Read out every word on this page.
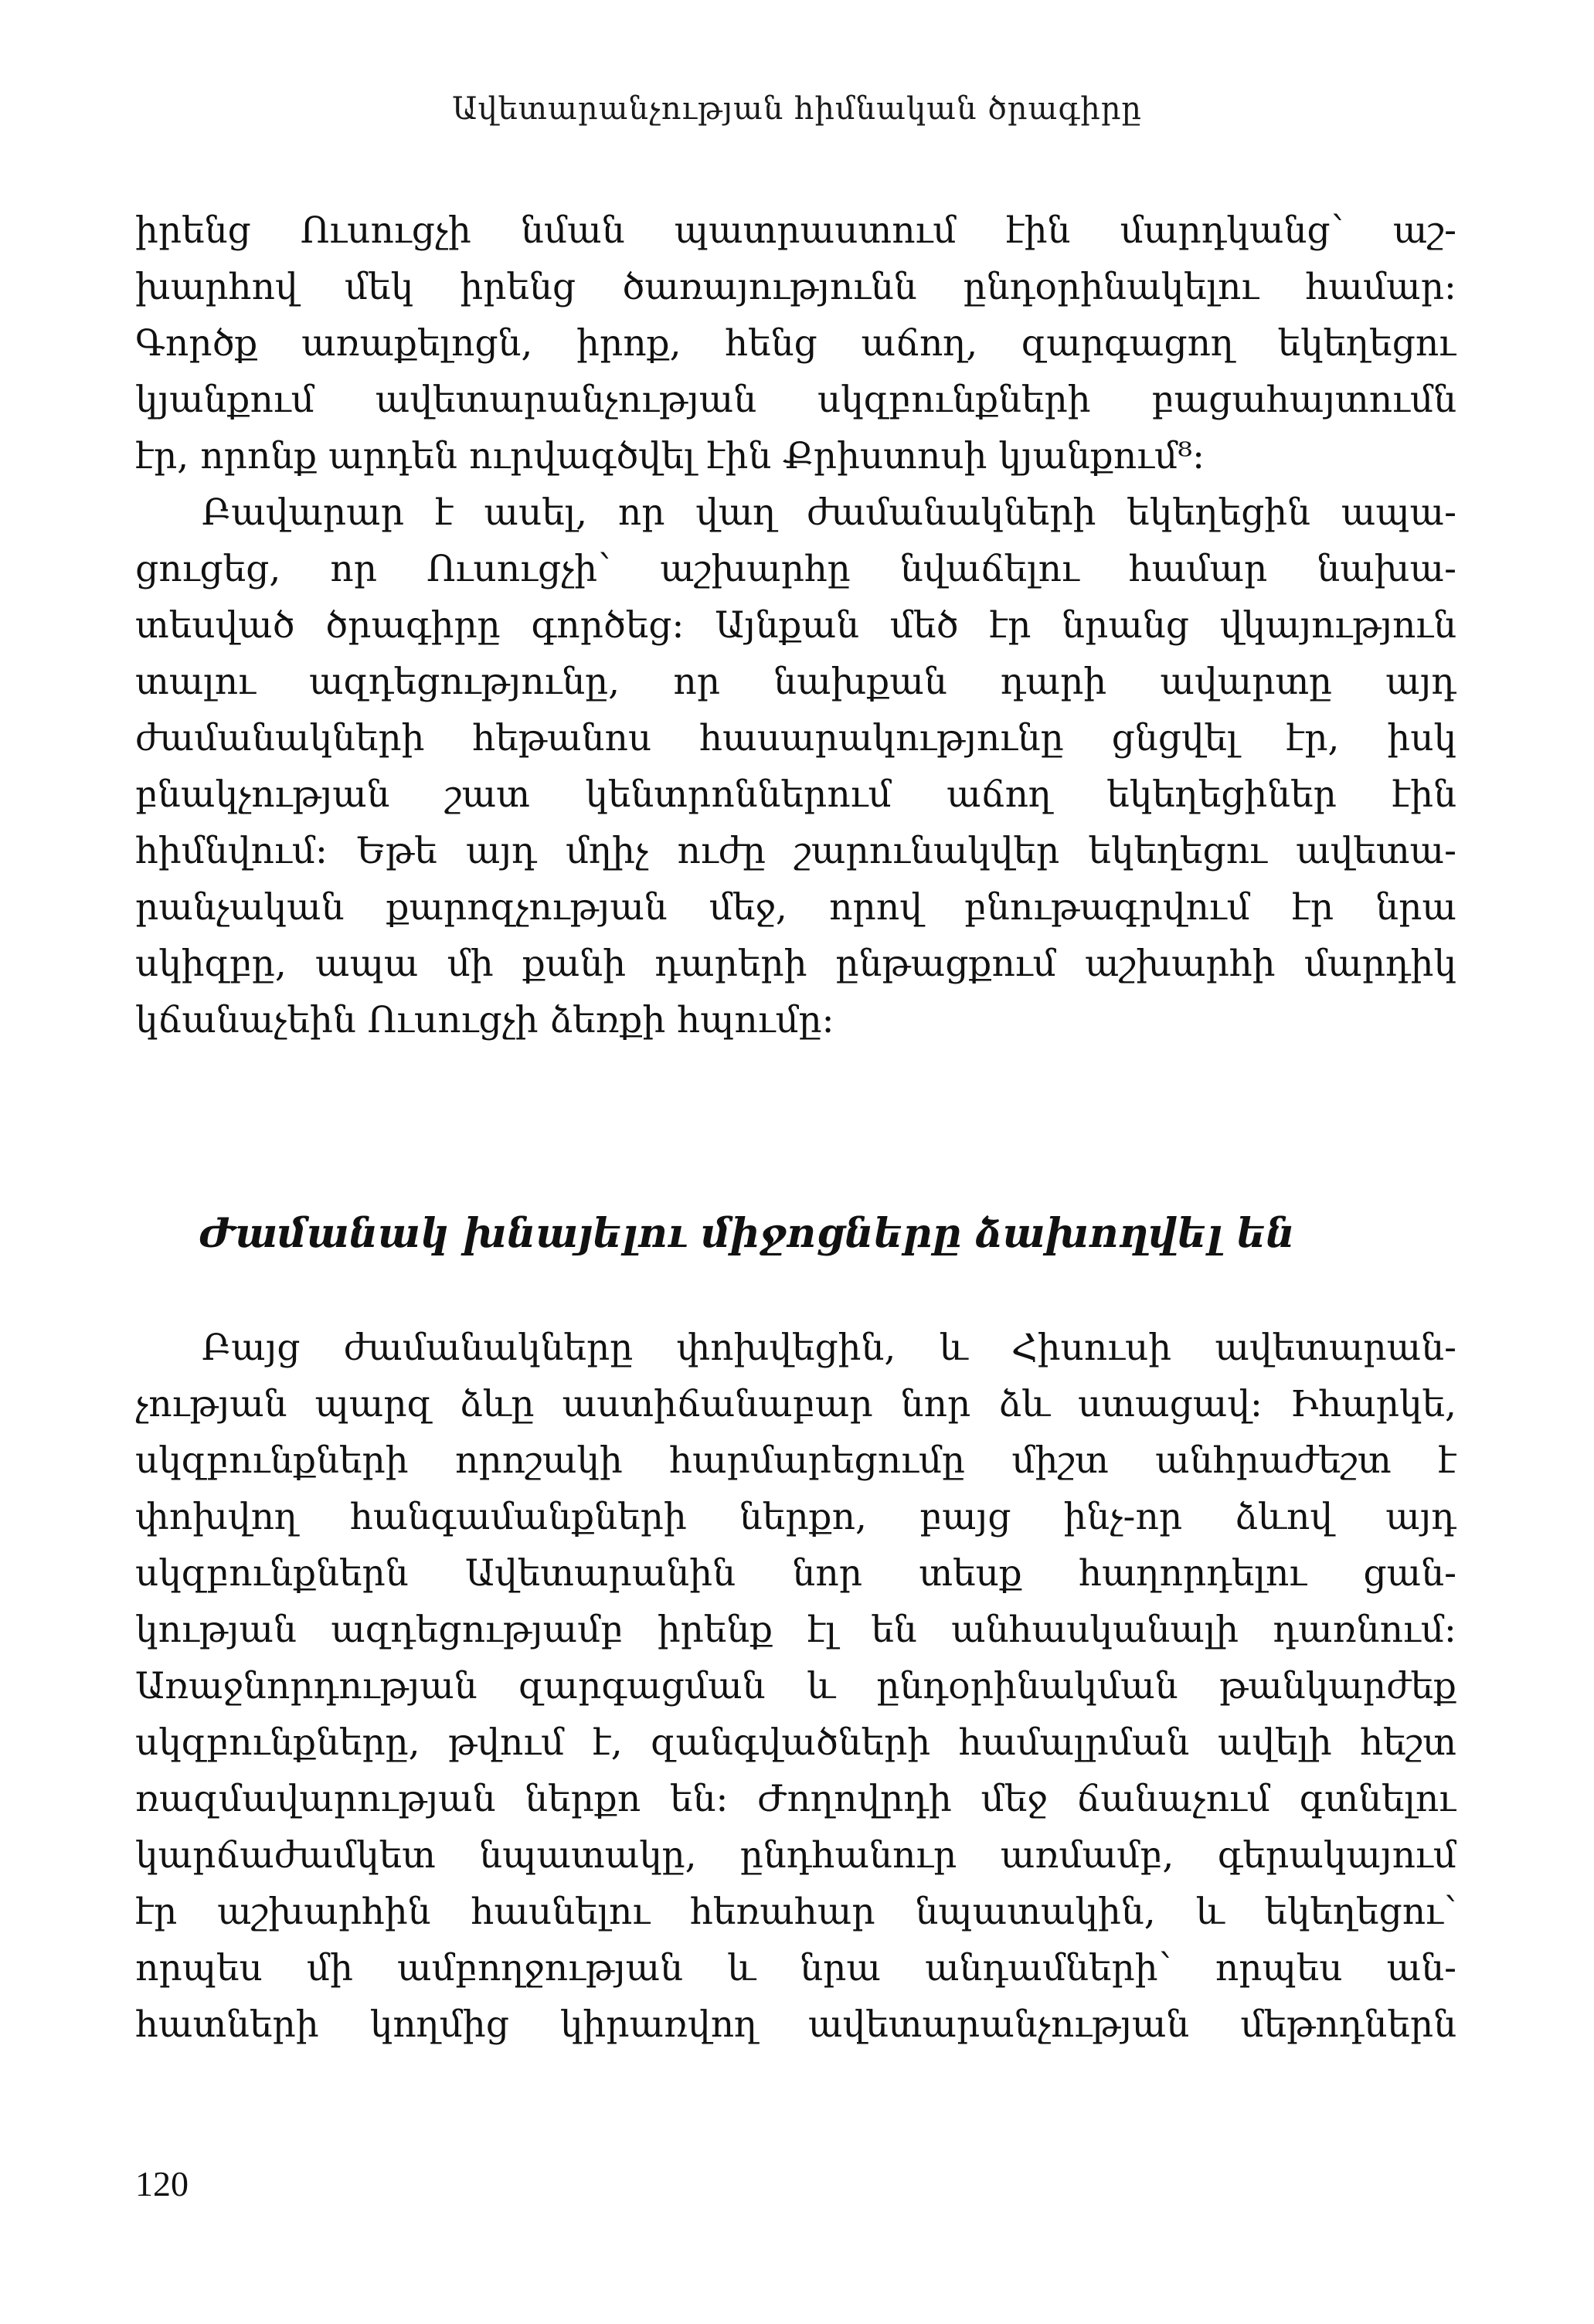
Ավետարանչության հիմնական ծրագիրը
իրենց Ուսուցչի նման պատրաստում էին մարդկանց՝ աշ-
խարհով մեկ իրենց ծառայությունն ընդօրինակելու համար։
Գործք առաքելոցն, իրոք, հենց աճող, զարգացող եկեղեցու
կյանքում ավետարանչության սկզբունքների բացահայտումն
էր, որոնք արդեն ուրվագծվել էին Քրիստոսի կյանքում⁸։
Բավարար է ասել, որ վաղ ժամանակների եկեղեցին ապա-
ցուցեց, որ Ուսուցչի՝ աշխարհը նվաճելու համար նախա-
տեսված ծրագիրը գործեց։ Այնքան մեծ էր նրանց վկայություն
տալու ազդեցությունը, որ նախքան դարի ավարտը այդ
ժամանակների հեթանոս հասարակությունը ցնցվել էր, իսկ
բնակչության շատ կենտրոններում աճող եկեղեցիներ էին
հիմնվում։ Եթե այդ մղիչ ուժը շարունակվեր եկեղեցու ավետա-
րանչական քարոզչության մեջ, որով բնութագրվում էր նրա
սկիզբը, ապա մի քանի դարերի ընթացքում աշխարհի մարդիկ
կճանաչեին Ուսուցչի ձեռքի հպումը։
Ժամանակ խնայելու միջոցները ձախողվել են
Բայց ժամանակները փոխվեցին, և Հիսուսի ավետարան-
չության պարզ ձևը աստիճանաբար նոր ձև ստացավ։ Իհարկե,
սկզբունքների որոշակի հարմարեցումը միշտ անհրաժեշտ է
փոխվող հանգամանքների ներքո, բայց ինչ-որ ձևով այդ
սկզբունքներն Ավետարանին նոր տեսք հաղորդելու ցան-
կության ազդեցությամբ իրենք էլ են անհասկանալի դառնում։
Առաջնորդության զարգացման և ընդօրինակման թանկարժեք
սկզբունքները, թվում է, զանգվածների համալրման ավելի հեշտ
ռազմավարության ներքո են։ Ժողովրդի մեջ ճանաչում գտնելու
կարճաժամկետ նպատակը, ընդհանուր առմամբ, գերակայում
էր աշխարհին հասնելու հեռահար նպատակին, և եկեղեցու՝
որպես մի ամբողջության և նրա անդամների՝ որպես ան-
հատների կողմից կիրառվող ավետարանչության մեթոդներն
120
